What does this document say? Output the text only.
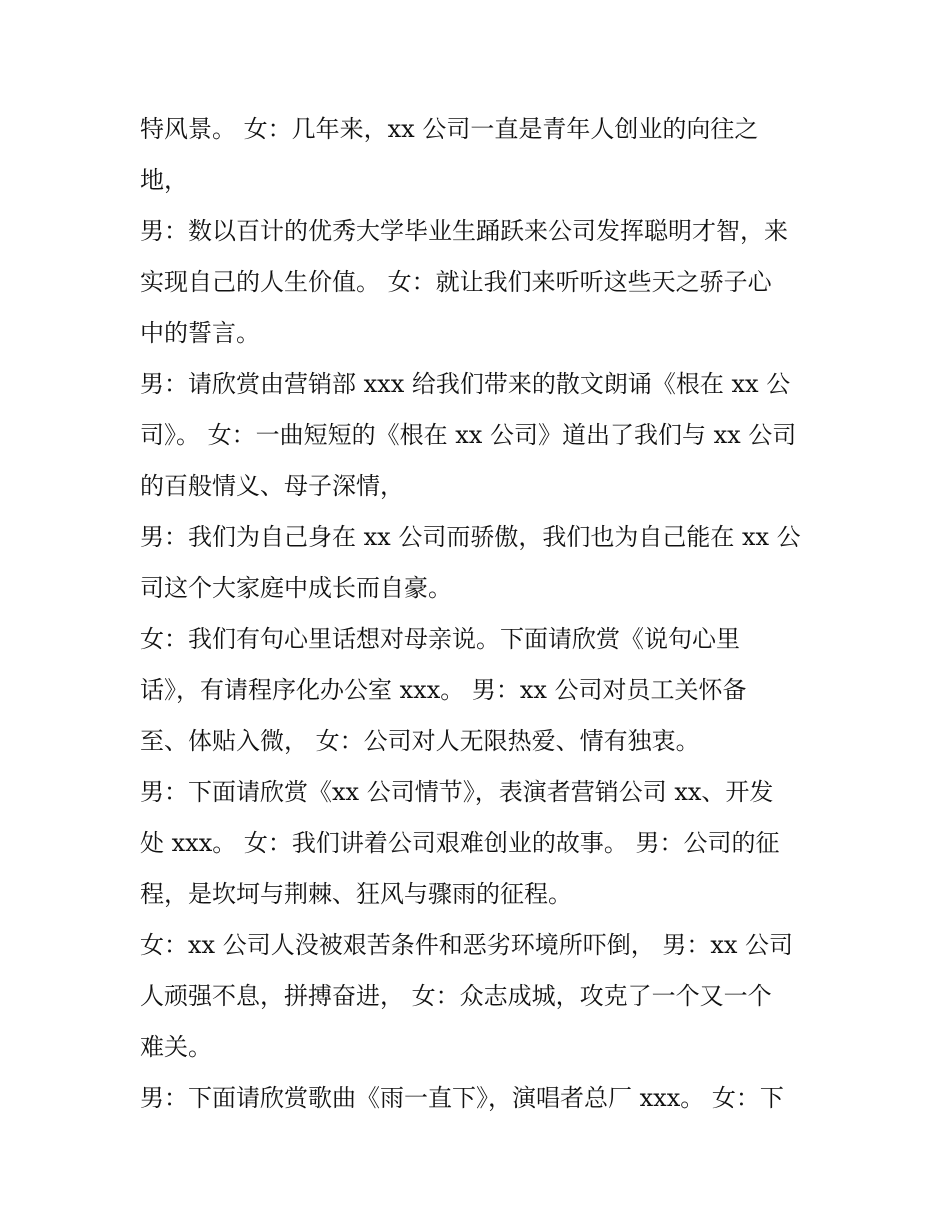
特风景。 女：几年来，xx 公司一直是青年人创业的向往之
地，
男：数以百计的优秀大学毕业生踊跃来公司发挥聪明才智，来
实现自己的人生价值。 女：就让我们来听听这些天之骄子心
中的誓言。
男：请欣赏由营销部 xxx 给我们带来的散文朗诵《根在 xx 公
司》。 女：一曲短短的《根在 xx 公司》道出了我们与 xx 公司
的百般情义、母子深情，
男：我们为自己身在 xx 公司而骄傲，我们也为自己能在 xx 公
司这个大家庭中成长而自豪。
女：我们有句心里话想对母亲说。下面请欣赏《说句心里
话》，有请程序化办公室 xxx。 男：xx 公司对员工关怀备
至、体贴入微， 女：公司对人无限热爱、情有独衷。
男：下面请欣赏《xx 公司情节》，表演者营销公司 xx、开发
处 xxx。 女：我们讲着公司艰难创业的故事。 男：公司的征
程，是坎坷与荆棘、狂风与骤雨的征程。
女：xx 公司人没被艰苦条件和恶劣环境所吓倒， 男：xx 公司
人顽强不息，拼搏奋进， 女：众志成城，攻克了一个又一个
难关。
男：下面请欣赏歌曲《雨一直下》，演唱者总厂 xxx。 女：下
